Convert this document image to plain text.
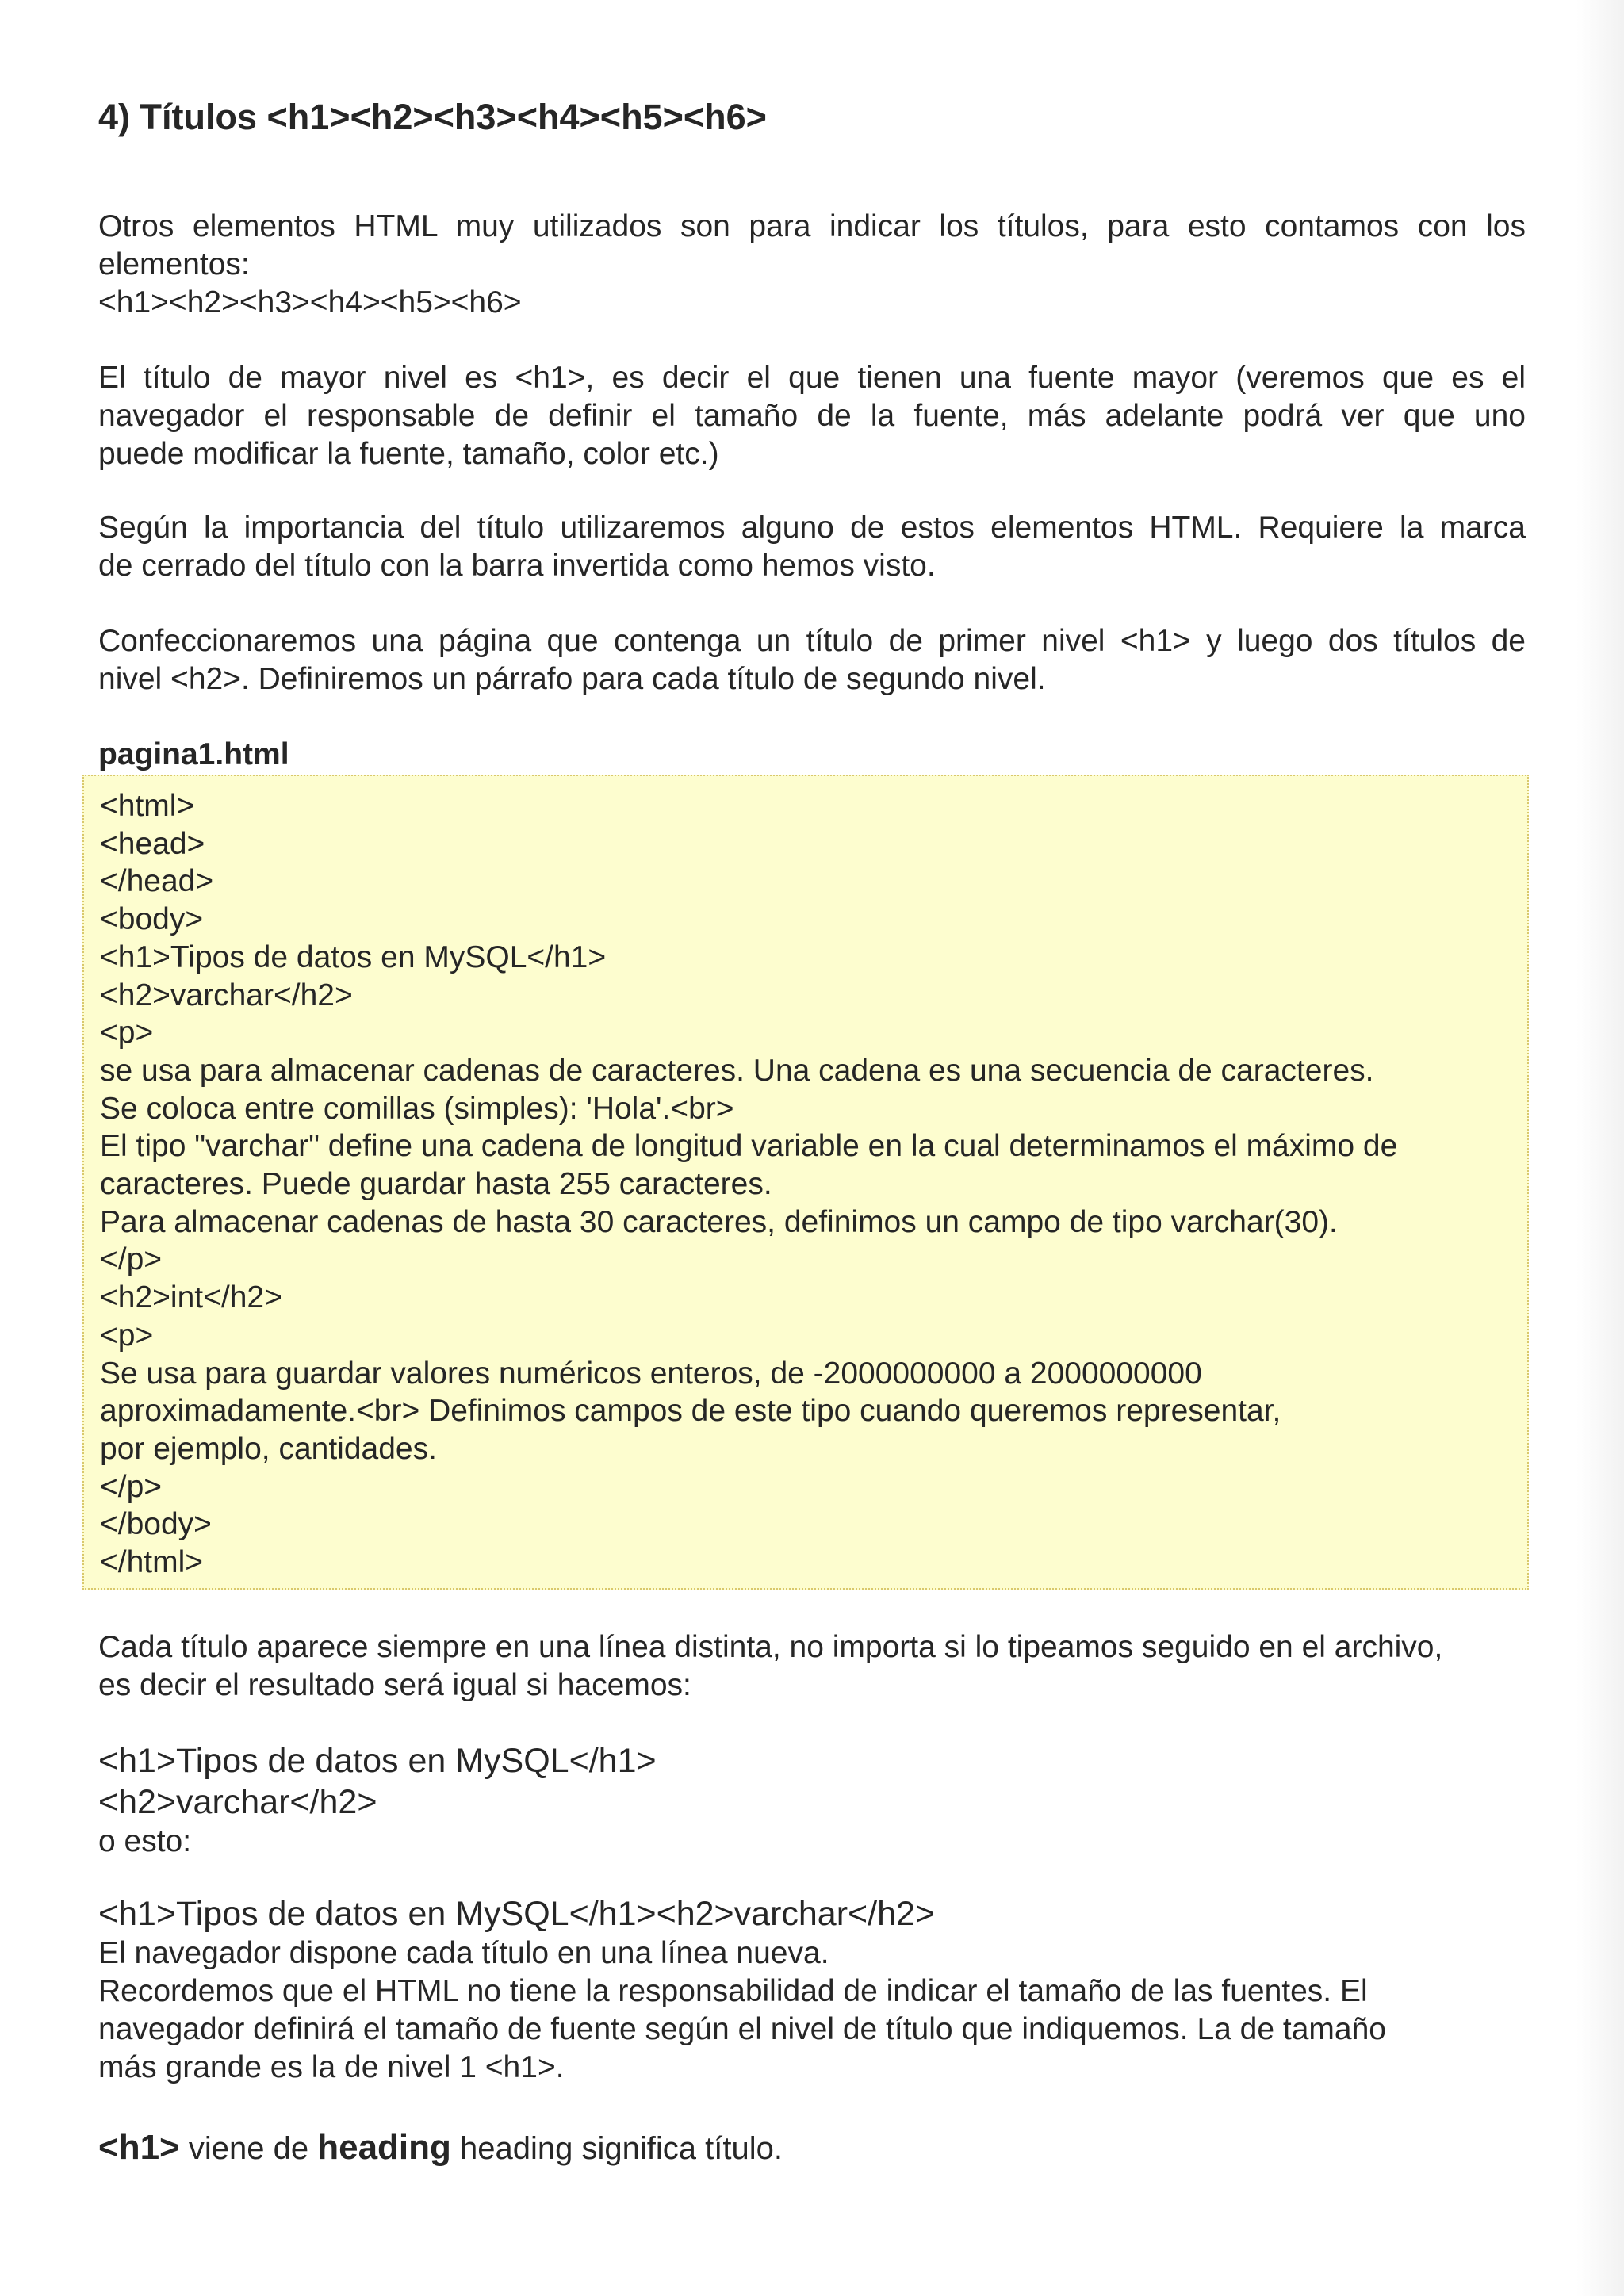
4) Títulos <h1><h2><h3><h4><h5><h6>
Otros elementos HTML muy utilizados son para indicar los títulos, para esto contamos con los
elementos:
<h1><h2><h3><h4><h5><h6>
El título de mayor nivel es <h1>, es decir el que tienen una fuente mayor (veremos que es el
navegador el responsable de definir el tamaño de la fuente, más adelante podrá ver que uno
puede modificar la fuente, tamaño, color etc.)
Según la importancia del título utilizaremos alguno de estos elementos HTML. Requiere la marca
de cerrado del título con la barra invertida como hemos visto.
Confeccionaremos una página que contenga un título de primer nivel <h1> y luego dos títulos de
nivel <h2>. Definiremos un párrafo para cada título de segundo nivel.

pagina1.html

<html>
<head>
</head>
<body>
<h1>Tipos de datos en MySQL</h1>
<h2>varchar</h2>
<p>
se usa para almacenar cadenas de caracteres. Una cadena es una secuencia de caracteres.
Se coloca entre comillas (simples): 'Hola'.<br>
El tipo "varchar" define una cadena de longitud variable en la cual determinamos el máximo de
caracteres. Puede guardar hasta 255 caracteres.
Para almacenar cadenas de hasta 30 caracteres, definimos un campo de tipo varchar(30).
</p>
<h2>int</h2>
<p>
Se usa para guardar valores numéricos enteros, de -2000000000 a 2000000000
aproximadamente.<br> Definimos campos de este tipo cuando queremos representar,
por ejemplo, cantidades.
</p>
</body>
</html>
Cada título aparece siempre en una línea distinta, no importa si lo tipeamos seguido en el archivo,
es decir el resultado será igual si hacemos:
<h1>Tipos de datos en MySQL</h1>
<h2>varchar</h2>
o esto:
<h1>Tipos de datos en MySQL</h1><h2>varchar</h2>
El navegador dispone cada título en una línea nueva.
Recordemos que el HTML no tiene la responsabilidad de indicar el tamaño de las fuentes. El
navegador definirá el tamaño de fuente según el nivel de título que indiquemos. La de tamaño
más grande es la de nivel 1 <h1>.

<h1> viene de heading heading significa título.
